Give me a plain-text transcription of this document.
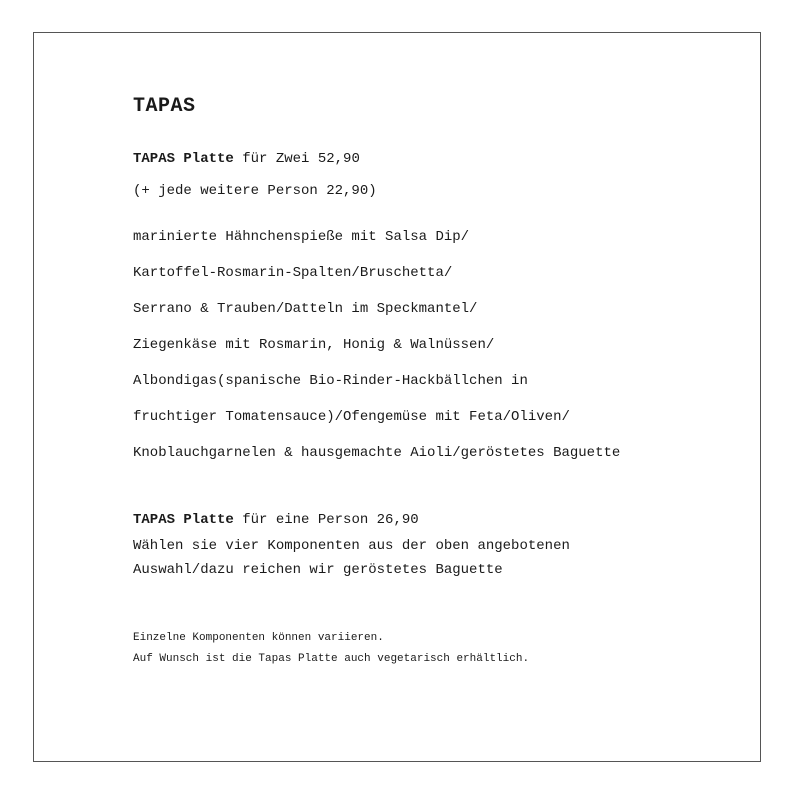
TAPAS
TAPAS Platte für Zwei 52,90
(+ jede weitere Person 22,90)
marinierte Hähnchenspieße mit Salsa Dip/
Kartoffel-Rosmarin-Spalten/Bruschetta/
Serrano & Trauben/Datteln im Speckmantel/
Ziegenkäse mit Rosmarin, Honig & Walnüssen/
Albondigas(spanische Bio-Rinder-Hackbällchen in
fruchtiger Tomatensauce)/Ofengemüse mit Feta/Oliven/
Knoblauchgarnelen & hausgemachte Aioli/geröstetes Baguette
TAPAS Platte für eine Person 26,90
Wählen sie vier Komponenten aus der oben angebotenen
Auswahl/dazu reichen wir geröstetes Baguette
Einzelne Komponenten können variieren.
Auf Wunsch ist die Tapas Platte auch vegetarisch erhältlich.
